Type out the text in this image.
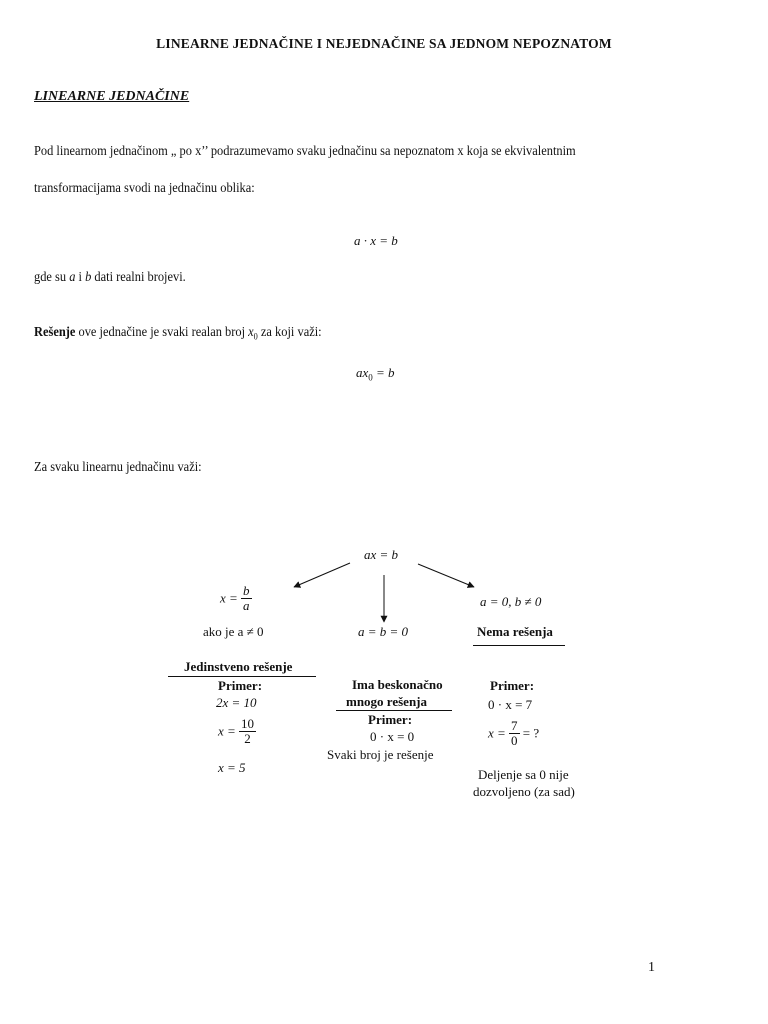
LINEARNE JEDNAČINE I NEJEDNAČINE SA JEDNOM NEPOZNATOM
LINEARNE JEDNAČINE
Pod linearnom jednačinom „ po x’’ podrazumevamo svaku jednačinu sa nepoznatom x koja se ekvivalentnim
transformacijama svodi na jednačinu oblika:
a · x = b
gde su a i b dati realni brojevi.
Rešenje ove jednačine je svaki realan broj $x_0$ za koji važi:
$ax_0 = b$
Za svaku linearnu jednačinu važi:
ax = b
$x = \frac{b}{a}$
ako je a ≠ 0
Jedinstveno rešenje
Primer:
2x = 10
$x = \frac{10}{2}$
x = 5
a = b = 0
Ima beskonačno
mnogo rešenja
Primer:
0 · x = 0
Svaki broj je rešenje
a = 0, b ≠ 0
Nema rešenja
Primer:
0 · x = 7
$x = \frac{7}{0}$ = ?
Deljenje sa 0 nije
dozvoljeno (za sad)
1
